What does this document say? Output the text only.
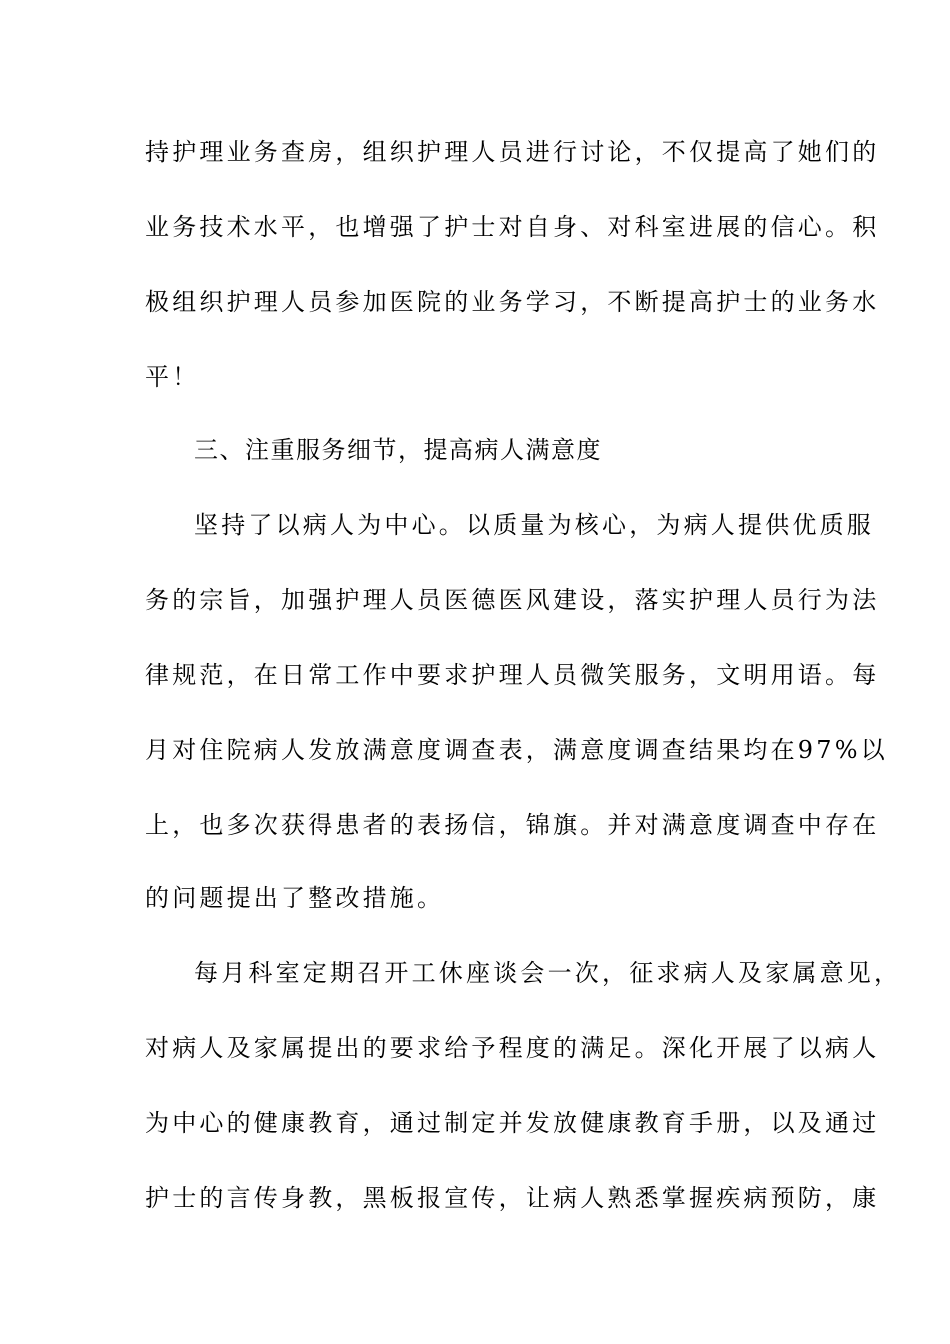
持护理业务查房，组织护理人员进行讨论，不仅提高了她们的
业务技术水平，也增强了护士对自身、对科室进展的信心。积
极组织护理人员参加医院的业务学习，不断提高护士的业务水
平！
三、注重服务细节，提高病人满意度
坚持了以病人为中心。以质量为核心，为病人提供优质服
务的宗旨，加强护理人员医德医风建设，落实护理人员行为法
律规范，在日常工作中要求护理人员微笑服务，文明用语。每
月对住院病人发放满意度调查表，满意度调查结果均在97%以
上，也多次获得患者的表扬信，锦旗。并对满意度调查中存在
的问题提出了整改措施。
每月科室定期召开工休座谈会一次，征求病人及家属意见，
对病人及家属提出的要求给予程度的满足。深化开展了以病人
为中心的健康教育，通过制定并发放健康教育手册，以及通过
护士的言传身教，黑板报宣传，让病人熟悉掌握疾病预防，康
